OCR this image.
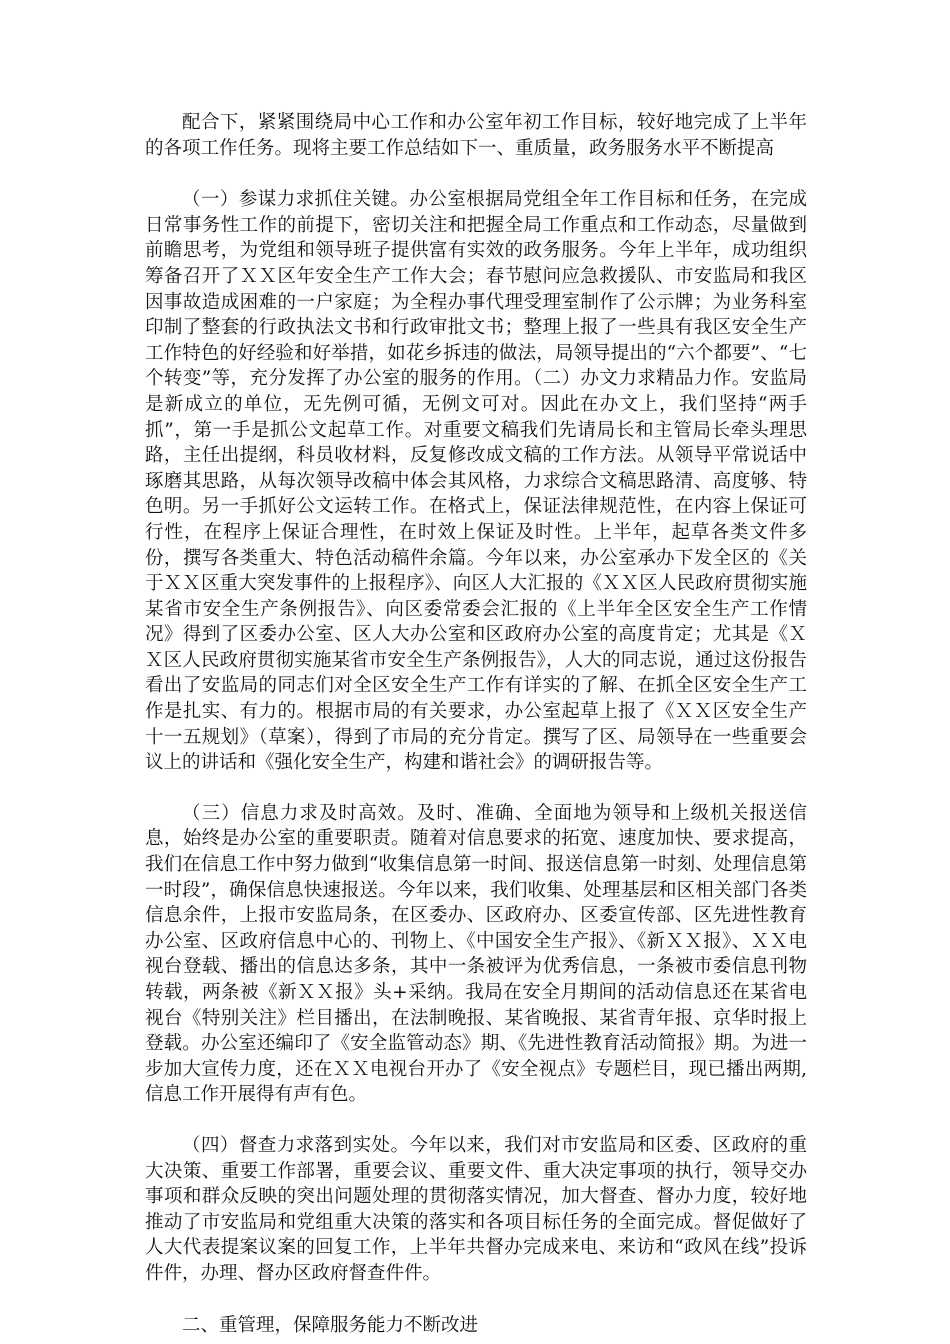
配合下，紧紧围绕局中心工作和办公室年初工作目标，较好地完成了上半年的各项工作任务。现将主要工作总结如下一、重质量，政务服务水平不断提高

（一）参谋力求抓住关键。办公室根据局党组全年工作目标和任务，在完成日常事务性工作的前提下，密切关注和把握全局工作重点和工作动态，尽量做到前瞻思考，为党组和领导班子提供富有实效的政务服务。今年上半年，成功组织筹备召开了ＸＸ区年安全生产工作大会；春节慰问应急救援队、市安监局和我区因事故造成困难的一户家庭；为全程办事代理受理室制作了公示牌；为业务科室印制了整套的行政执法文书和行政审批文书；整理上报了一些具有我区安全生产工作特色的好经验和好举措，如花乡拆违的做法，局领导提出的“六个都要”、“七个转变”等，充分发挥了办公室的服务的作用。（二）办文力求精品力作。安监局是新成立的单位，无先例可循，无例文可对。因此在办文上，我们坚持“两手抓”，第一手是抓公文起草工作。对重要文稿我们先请局长和主管局长牵头理思路，主任出提纲，科员收材料，反复修改成文稿的工作方法。从领导平常说话中琢磨其思路，从每次领导改稿中体会其风格，力求综合文稿思路清、高度够、特色明。另一手抓好公文运转工作。在格式上，保证法律规范性，在内容上保证可行性，在程序上保证合理性，在时效上保证及时性。上半年，起草各类文件多份，撰写各类重大、特色活动稿件余篇。今年以来，办公室承办下发全区的《关于ＸＸ区重大突发事件的上报程序》、向区人大汇报的《ＸＸ区人民政府贯彻实施某省市安全生产条例报告》、向区委常委会汇报的《上半年全区安全生产工作情况》得到了区委办公室、区人大办公室和区政府办公室的高度肯定；尤其是《ＸＸ区人民政府贯彻实施某省市安全生产条例报告》，人大的同志说，通过这份报告看出了安监局的同志们对全区安全生产工作有详实的了解、在抓全区安全生产工作是扎实、有力的。根据市局的有关要求，办公室起草上报了《ＸＸ区安全生产十一五规划》（草案），得到了市局的充分肯定。撰写了区、局领导在一些重要会议上的讲话和《强化安全生产，构建和谐社会》的调研报告等。

（三）信息力求及时高效。及时、准确、全面地为领导和上级机关报送信息，始终是办公室的重要职责。随着对信息要求的拓宽、速度加快、要求提高，我们在信息工作中努力做到“收集信息第一时间、报送信息第一时刻、处理信息第一时段”，确保信息快速报送。今年以来，我们收集、处理基层和区相关部门各类信息余件，上报市安监局条，在区委办、区政府办、区委宣传部、区先进性教育办公室、区政府信息中心的、刊物上、《中国安全生产报》、《新ＸＸ报》、ＸＸ电视台登载、播出的信息达多条，其中一条被评为优秀信息，一条被市委信息刊物转载，两条被《新ＸＸ报》头+采纳。我局在安全月期间的活动信息还在某省电视台《特别关注》栏目播出，在法制晚报、某省晚报、某省青年报、京华时报上登载。办公室还编印了《安全监管动态》期、《先进性教育活动简报》期。为进一步加大宣传力度，还在ＸＸ电视台开办了《安全视点》专题栏目，现已播出两期,信息工作开展得有声有色。

（四）督查力求落到实处。今年以来，我们对市安监局和区委、区政府的重大决策、重要工作部署，重要会议、重要文件、重大决定事项的执行，领导交办事项和群众反映的突出问题处理的贯彻落实情况，加大督查、督办力度，较好地推动了市安监局和党组重大决策的落实和各项目标任务的全面完成。督促做好了人大代表提案议案的回复工作，上半年共督办完成来电、来访和“政风在线”投诉件件，办理、督办区政府督查件件。

二、重管理，保障服务能力不断改进
